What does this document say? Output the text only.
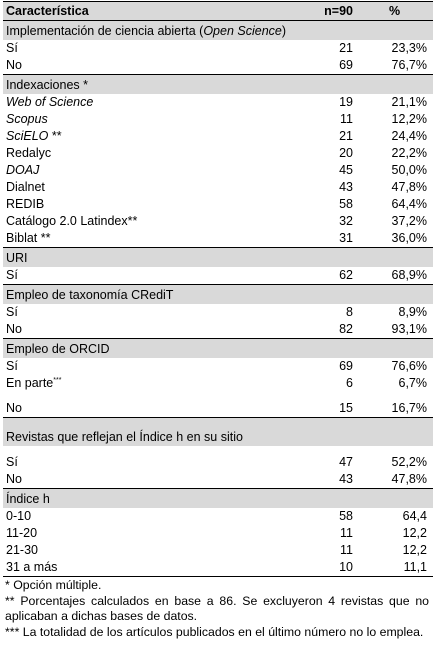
Característica	n=90	%
Implementación de ciencia abierta (Open Science)		
Sí	21	23,3%
No	69	76,7%
Indexaciones *		
Web of Science	19	21,1%
Scopus	11	12,2%
SciELO **	21	24,4%
Redalyc	20	22,2%
DOAJ	45	50,0%
Dialnet	43	47,8%
REDIB	58	64,4%
Catálogo 2.0 Latindex**	32	37,2%
Biblat **	31	36,0%
URI		
Sí	62	68,9%
Empleo de taxonomía CRediT		
Sí	8	8,9%
No	82	93,1%
Empleo de ORCID		
Sí	69	76,6%
En parte***	6	6,7%
No	15	16,7%
Revistas que reflejan el Índice h en su sitio		
Sí	47	52,2%
No	43	47,8%
Índice h		
0-10	58	64,4
11-20	11	12,2
21-30	11	12,2
31 a más	10	11,1

* Opción múltiple.

** Porcentajes calculados en base a 86. Se excluyeron 4 revistas que no aplicaban a dichas bases de datos.

*** La totalidad de los artículos publicados en el último número no lo emplea.
